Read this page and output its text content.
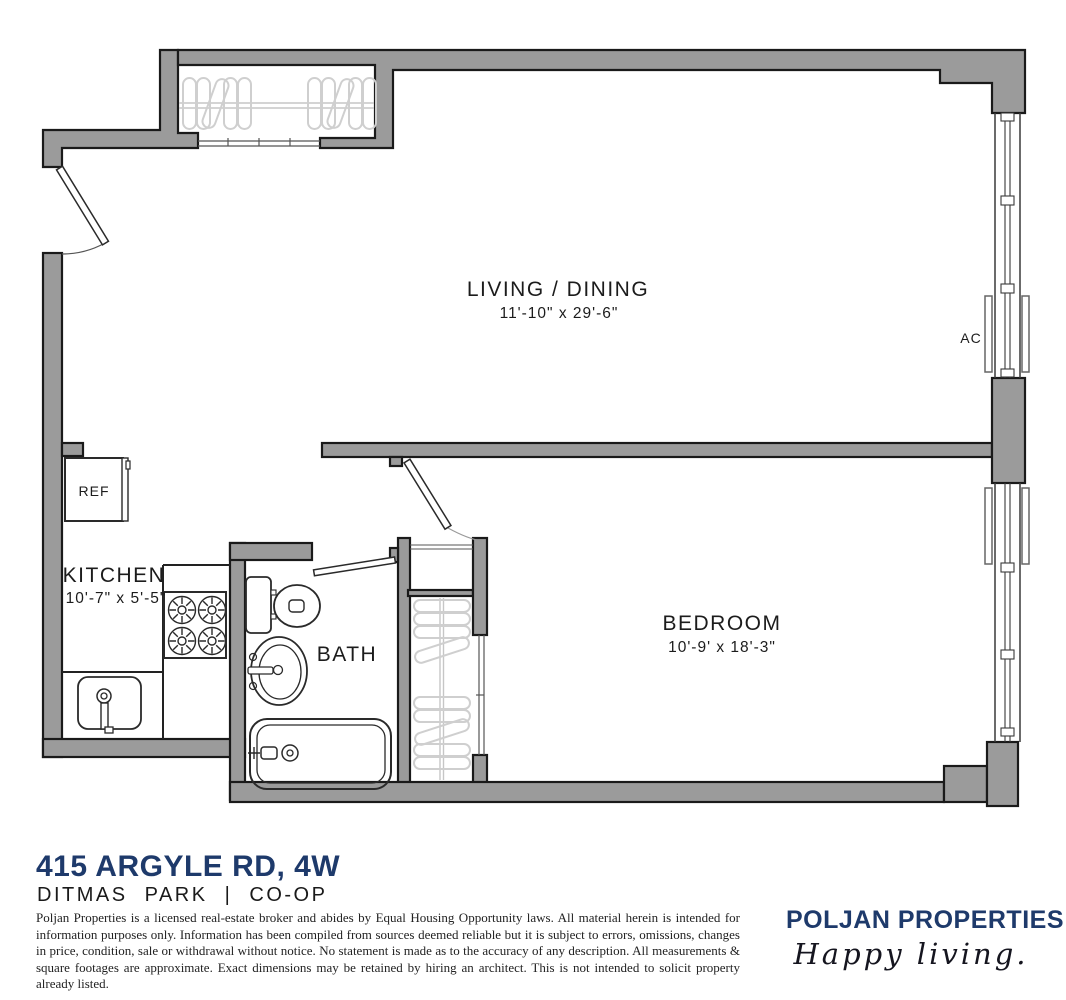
LIVING / DINING
11'-10" x 29'-6"
KITCHEN
10'-7" x 5'-5"
BATH
BEDROOM
10'-9' x 18'-3"
REF
AC
415 ARGYLE RD, 4W
DITMAS PARK | CO-OP
Poljan Properties is a licensed real-estate broker and abides by Equal Housing Opportunity laws. All material herein is intended for information purposes only. Information has been compiled from sources deemed reliable but it is subject to errors, omissions, changes in price, condition, sale or withdrawal without notice. No statement is made as to the accuracy of any description. All measurements & square footages are approximate. Exact dimensions may be retained by hiring an architect. This is not intended to solicit property already listed.
POLJAN PROPERTIES
Happy living.
